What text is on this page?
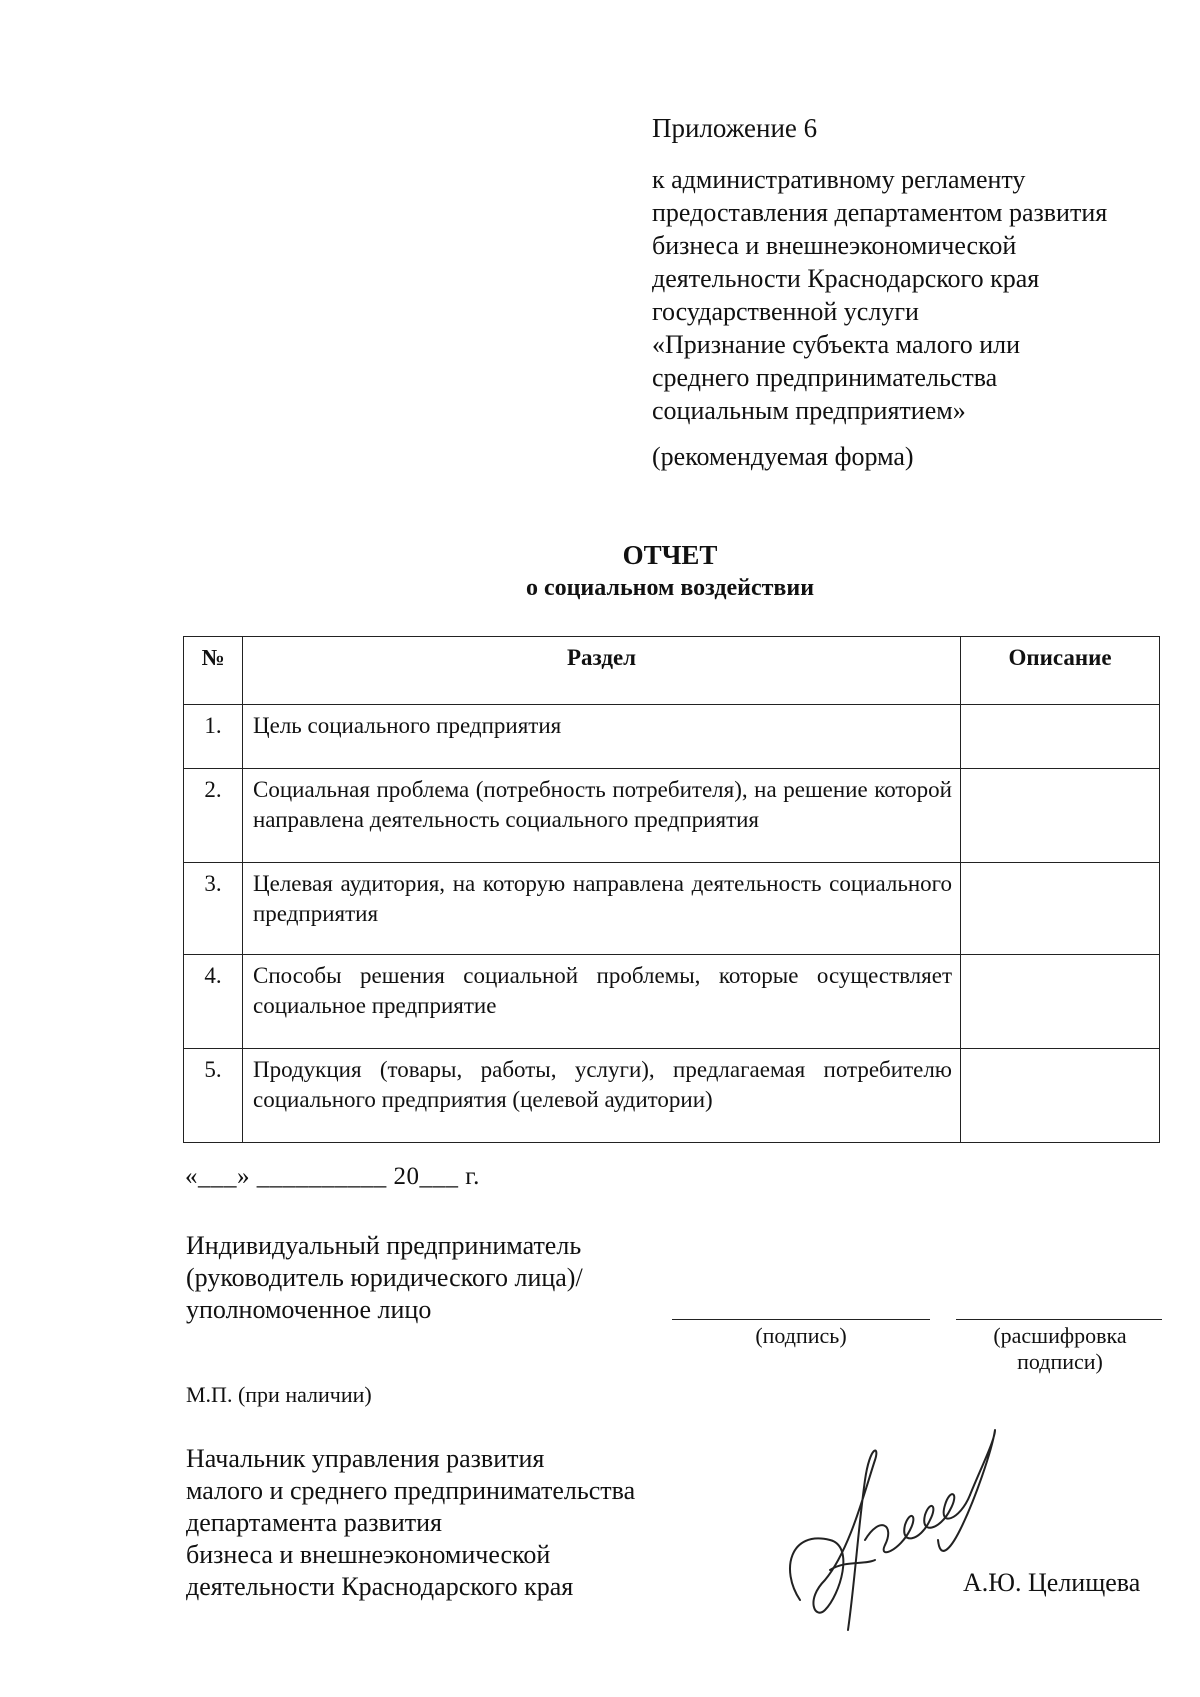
Приложение 6
к административному регламенту
предоставления департаментом развития
бизнеса и внешнеэкономической
деятельности Краснодарского края
государственной услуги
«Признание субъекта малого или
среднего предпринимательства
социальным предприятием»
(рекомендуемая форма)
ОТЧЕТ
о социальном воздействии
№	Раздел	Описание
1.	Цель социального предприятия	
2.	Социальная проблема (потребность потребителя), на решение которой направлена деятельность социального предприятия	
3.	Целевая аудитория, на которую направлена деятельность социального предприятия	
4.	Способы решения социальной проблемы, которые осуществляет социальное предприятие	
5.	Продукция (товары, работы, услуги), предлагаемая потребителю социального предприятия (целевой аудитории)	
«___» __________ 20___ г.
Индивидуальный предприниматель
(руководитель юридического лица)/
уполномоченное лицо
(подпись)	(расшифровка
подписи)
М.П. (при наличии)
Начальник управления развития
малого и среднего предпринимательства
департамента развития
бизнеса и внешнеэкономической
деятельности Краснодарского края	А.Ю. Целищева
